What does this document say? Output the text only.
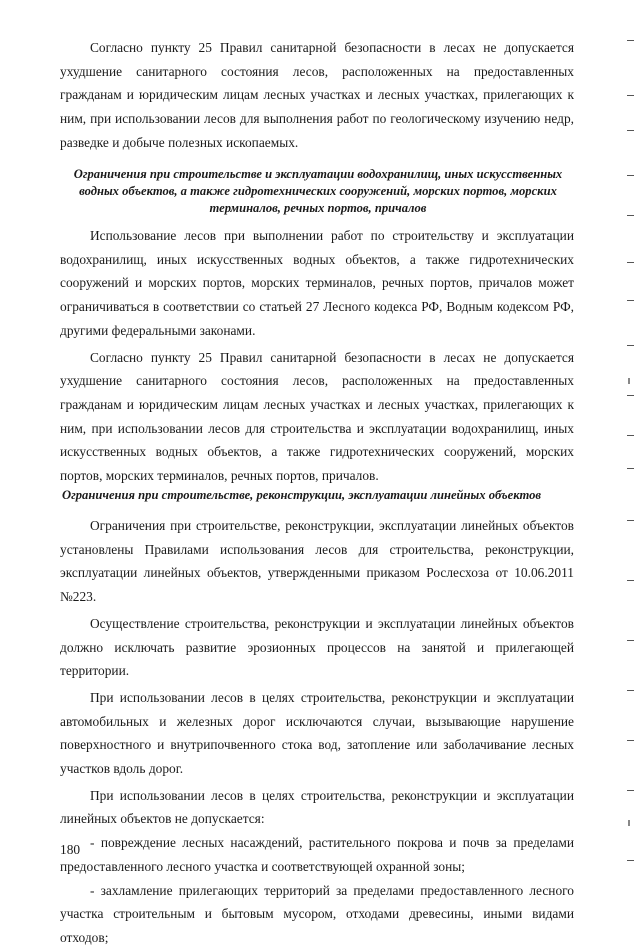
Согласно пункту 25 Правил санитарной безопасности в лесах не допускается ухудшение санитарного состояния лесов, расположенных на предоставленных гражданам и юридическим лицам лесных участках и лесных участках, прилегающих к ним, при использовании лесов для выполнения работ по геологическому изучению недр, разведке и добыче полезных ископаемых.

Ограничения при строительстве и эксплуатации водохранилищ, иных искусственных водных объектов, а также гидротехнических сооружений, морских портов, морских терминалов, речных портов, причалов

Использование лесов при выполнении работ по строительству и эксплуатации водохранилищ, иных искусственных водных объектов, а также гидротехнических сооружений и морских портов, морских терминалов, речных портов, причалов может ограничиваться в соответствии со статьей 27 Лесного кодекса РФ, Водным кодексом РФ, другими федеральными законами.

Согласно пункту 25 Правил санитарной безопасности в лесах не допускается ухудшение санитарного состояния лесов, расположенных на предоставленных гражданам и юридическим лицам лесных участках и лесных участках, прилегающих к ним, при использовании лесов для строительства и эксплуатации водохранилищ, иных искусственных водных объектов, а также гидротехнических сооружений, морских портов, морских терминалов, речных портов, причалов.

Ограничения при строительстве, реконструкции, эксплуатации линейных объектов

Ограничения при строительстве, реконструкции, эксплуатации линейных объектов установлены Правилами использования лесов для строительства, реконструкции, эксплуатации линейных объектов, утвержденными приказом Рослесхоза от 10.06.2011 №223.

Осуществление строительства, реконструкции и эксплуатации линейных объектов должно исключать развитие эрозионных процессов на занятой и прилегающей территории.

При использовании лесов в целях строительства, реконструкции и эксплуатации автомобильных и железных дорог исключаются случаи, вызывающие нарушение поверхностного и внутрипочвенного стока вод, затопление или заболачивание лесных участков вдоль дорог.

При использовании лесов в целях строительства, реконструкции и эксплуатации линейных объектов не допускается:

- повреждение лесных насаждений, растительного покрова и почв за пределами предоставленного лесного участка и соответствующей охранной зоны;

- захламление прилегающих территорий за пределами предоставленного лесного участка строительным и бытовым мусором, отходами древесины, иными видами отходов;

180
